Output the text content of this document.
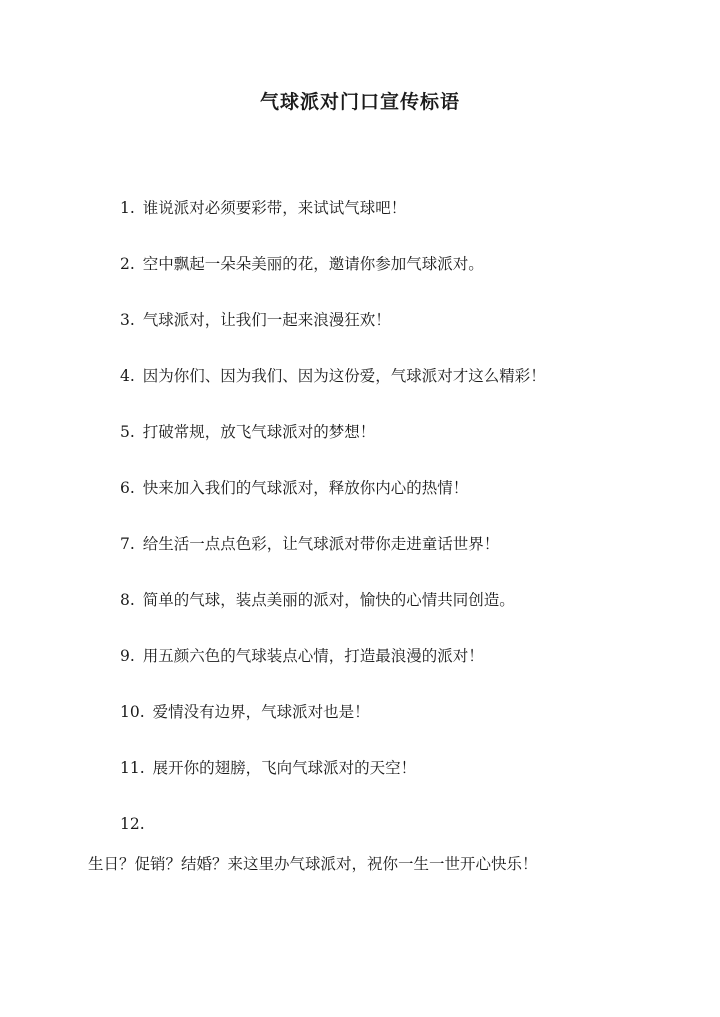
气球派对门口宣传标语
1. 谁说派对必须要彩带，来试试气球吧！
2. 空中飘起一朵朵美丽的花，邀请你参加气球派对。
3. 气球派对，让我们一起来浪漫狂欢！
4. 因为你们、因为我们、因为这份爱，气球派对才这么精彩！
5. 打破常规，放飞气球派对的梦想！
6. 快来加入我们的气球派对，释放你内心的热情！
7. 给生活一点点色彩，让气球派对带你走进童话世界！
8. 简单的气球，装点美丽的派对，愉快的心情共同创造。
9. 用五颜六色的气球装点心情，打造最浪漫的派对！
10. 爱情没有边界，气球派对也是！
11. 展开你的翅膀，飞向气球派对的天空！
12.
生日？促销？结婚？来这里办气球派对，祝你一生一世开心快乐！
